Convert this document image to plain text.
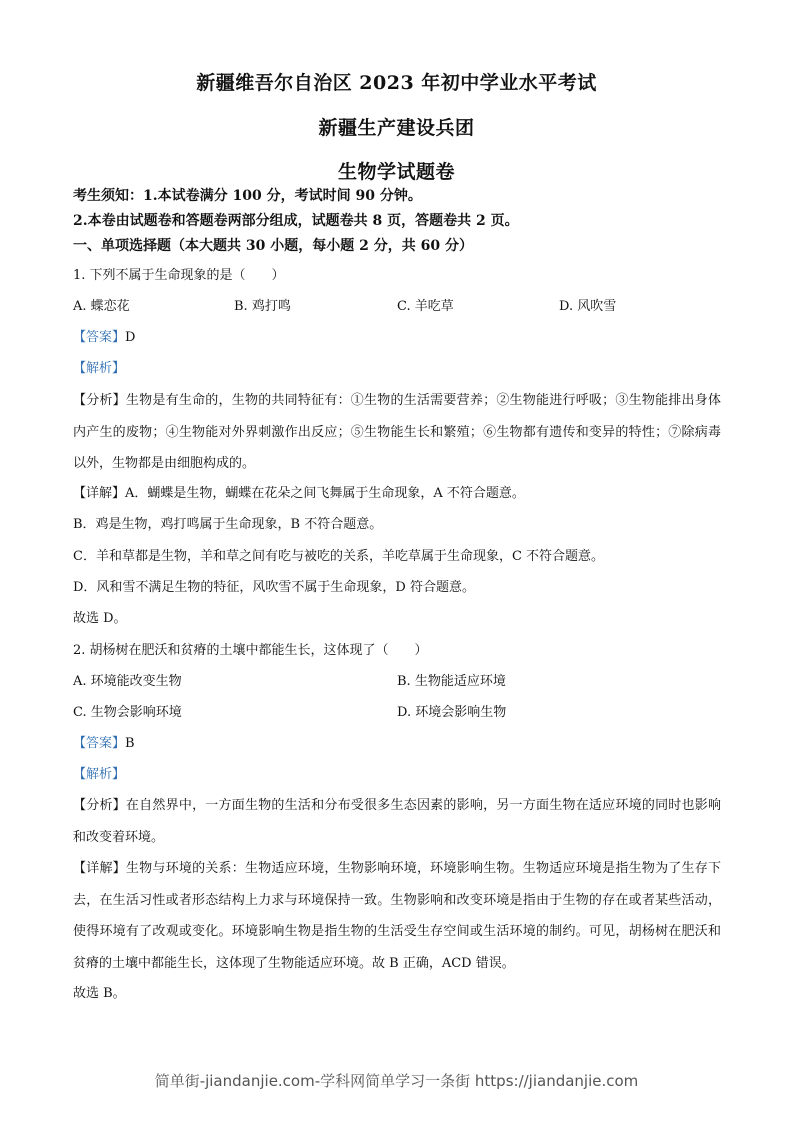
新疆维吾尔自治区 2023 年初中学业水平考试
新疆生产建设兵团
生物学试题卷
考生须知：1.本试卷满分 100 分，考试时间 90 分钟。
2.本卷由试题卷和答题卷两部分组成，试题卷共 8 页，答题卷共 2 页。
一、单项选择题（本大题共 30 小题，每小题 2 分，共 60 分）
1. 下列不属于生命现象的是（　　）
A. 蝶恋花	B. 鸡打鸣	C. 羊吃草	D. 风吹雪
【答案】D
【解析】
【分析】生物是有生命的，生物的共同特征有：①生物的生活需要营养；②生物能进行呼吸；③生物能排出身体内产生的废物；④生物能对外界刺激作出反应；⑤生物能生长和繁殖；⑥生物都有遗传和变异的特性；⑦除病毒以外，生物都是由细胞构成的。
【详解】A．蝴蝶是生物，蝴蝶在花朵之间飞舞属于生命现象，A 不符合题意。
B．鸡是生物，鸡打鸣属于生命现象，B 不符合题意。
C．羊和草都是生物，羊和草之间有吃与被吃的关系，羊吃草属于生命现象，C 不符合题意。
D．风和雪不满足生物的特征，风吹雪不属于生命现象，D 符合题意。
故选 D。
2. 胡杨树在肥沃和贫瘠的土壤中都能生长，这体现了（　　）
A. 环境能改变生物	B. 生物能适应环境
C. 生物会影响环境	D. 环境会影响生物
【答案】B
【解析】
【分析】在自然界中，一方面生物的生活和分布受很多生态因素的影响，另一方面生物在适应环境的同时也影响和改变着环境。
【详解】生物与环境的关系：生物适应环境，生物影响环境，环境影响生物。生物适应环境是指生物为了生存下去，在生活习性或者形态结构上力求与环境保持一致。生物影响和改变环境是指由于生物的存在或者某些活动，使得环境有了改观或变化。环境影响生物是指生物的生活受生存空间或生活环境的制约。可见，胡杨树在肥沃和贫瘠的土壤中都能生长，这体现了生物能适应环境。故 B 正确，ACD 错误。
故选 B。
简单街-jiandanjie.com-学科网简单学习一条街 https://jiandanjie.com
